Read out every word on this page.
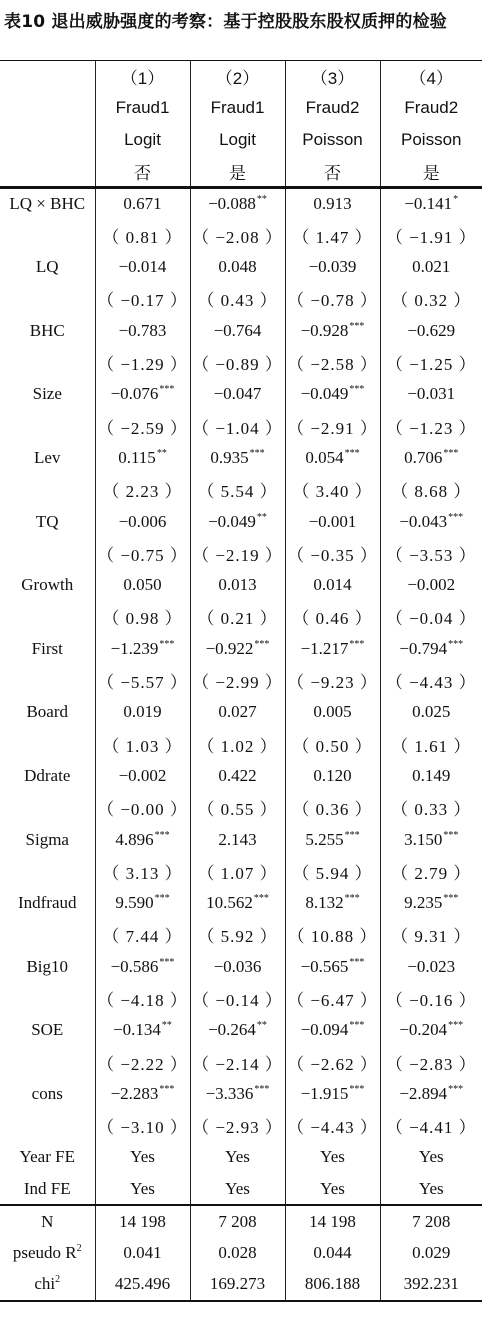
表10 退出威胁强度的考察：基于控股股东股权质押的检验
	（1）	（2）	（3）	（4）
	Fraud1	Fraud1	Fraud2	Fraud2
	Logit	Logit	Poisson	Poisson
	否	是	否	是
LQ × BHC	0.671	−0.088**	0.913	−0.141*
	（ 0.81 ）	（ −2.08 ）	（ 1.47 ）	（ −1.91 ）
LQ	−0.014	0.048	−0.039	0.021
	（ −0.17 ）	（ 0.43 ）	（ −0.78 ）	（ 0.32 ）
BHC	−0.783	−0.764	−0.928***	−0.629
	（ −1.29 ）	（ −0.89 ）	（ −2.58 ）	（ −1.25 ）
Size	−0.076***	−0.047	−0.049***	−0.031
	（ −2.59 ）	（ −1.04 ）	（ −2.91 ）	（ −1.23 ）
Lev	0.115**	0.935***	0.054***	0.706***
	（ 2.23 ）	（ 5.54 ）	（ 3.40 ）	（ 8.68 ）
TQ	−0.006	−0.049**	−0.001	−0.043***
	（ −0.75 ）	（ −2.19 ）	（ −0.35 ）	（ −3.53 ）
Growth	0.050	0.013	0.014	−0.002
	（ 0.98 ）	（ 0.21 ）	（ 0.46 ）	（ −0.04 ）
First	−1.239***	−0.922***	−1.217***	−0.794***
	（ −5.57 ）	（ −2.99 ）	（ −9.23 ）	（ −4.43 ）
Board	0.019	0.027	0.005	0.025
	（ 1.03 ）	（ 1.02 ）	（ 0.50 ）	（ 1.61 ）
Ddrate	−0.002	0.422	0.120	0.149
	（ −0.00 ）	（ 0.55 ）	（ 0.36 ）	（ 0.33 ）
Sigma	4.896***	2.143	5.255***	3.150***
	（ 3.13 ）	（ 1.07 ）	（ 5.94 ）	（ 2.79 ）
Indfraud	9.590***	10.562***	8.132***	9.235***
	（ 7.44 ）	（ 5.92 ）	（ 10.88 ）	（ 9.31 ）
Big10	−0.586***	−0.036	−0.565***	−0.023
	（ −4.18 ）	（ −0.14 ）	（ −6.47 ）	（ −0.16 ）
SOE	−0.134**	−0.264**	−0.094***	−0.204***
	（ −2.22 ）	（ −2.14 ）	（ −2.62 ）	（ −2.83 ）
cons	−2.283***	−3.336***	−1.915***	−2.894***
	（ −3.10 ）	（ −2.93 ）	（ −4.43 ）	（ −4.41 ）
Year FE	Yes	Yes	Yes	Yes
Ind FE	Yes	Yes	Yes	Yes
N	14 198	7 208	14 198	7 208
pseudo $R^2$	0.041	0.028	0.044	0.029
chi$^2$	425.496	169.273	806.188	392.231
